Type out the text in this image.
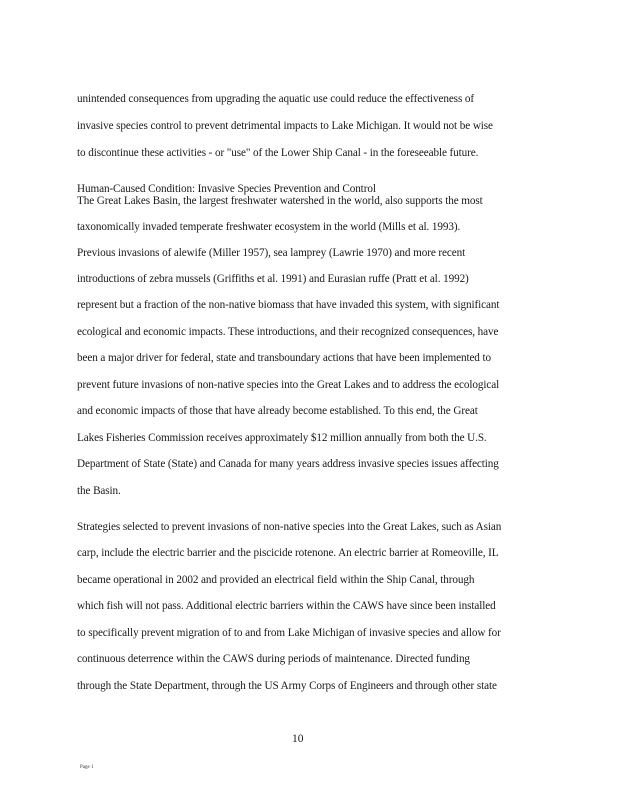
unintended consequences from upgrading the aquatic use could reduce the effectiveness of
invasive species control to prevent detrimental impacts to Lake Michigan. It would not be wise
to discontinue these activities - or "use" of the Lower Ship Canal - in the foreseeable future.
Human-Caused Condition: Invasive Species Prevention and Control
The Great Lakes Basin, the largest freshwater watershed in the world, also supports the most
taxonomically invaded temperate freshwater ecosystem in the world (Mills et al. 1993).
Previous invasions of alewife (Miller 1957), sea lamprey (Lawrie 1970) and more recent
introductions of zebra mussels (Griffiths et al. 1991) and Eurasian ruffe (Pratt et al. 1992)
represent but a fraction of the non-native biomass that have invaded this system, with significant
ecological and economic impacts. These introductions, and their recognized consequences, have
been a major driver for federal, state and transboundary actions that have been implemented to
prevent future invasions of non-native species into the Great Lakes and to address the ecological
and economic impacts of those that have already become established. To this end, the Great
Lakes Fisheries Commission receives approximately $12 million annually from both the U.S.
Department of State (State) and Canada for many years address invasive species issues affecting
the Basin.
Strategies selected to prevent invasions of non-native species into the Great Lakes, such as Asian
carp, include the electric barrier and the piscicide rotenone. An electric barrier at Romeoville, IL
became operational in 2002 and provided an electrical field within the Ship Canal, through
which fish will not pass. Additional electric barriers within the CAWS have since been installed
to specifically prevent migration of to and from Lake Michigan of invasive species and allow for
continuous deterrence within the CAWS during periods of maintenance. Directed funding
through the State Department, through the US Army Corps of Engineers and through other state
10
Page 1
